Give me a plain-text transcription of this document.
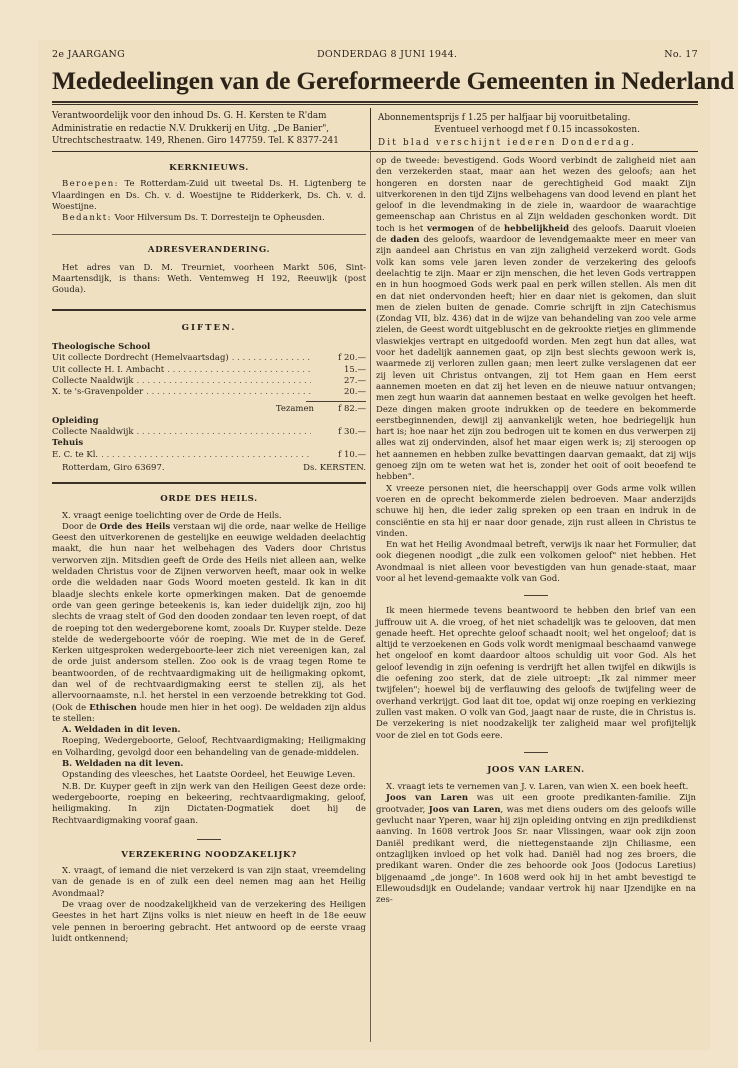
2e JAARGANG	DONDERDAG 8 JUNI 1944.	No. 17
Mededeelingen van de Gereformeerde Gemeenten in Nederland
Verantwoordelijk voor den inhoud Ds. G. H. Kersten te R'dam
Administratie en redactie N.V. Drukkerij en Uitg. „De Banier",
Utrechtschestraatw. 149, Rhenen. Giro 147759. Tel. K 8377-241
Abonnementsprijs f 1.25 per halfjaar bij vooruitbetaling.
Eventueel verhoogd met f 0.15 incassokosten.
Dit blad verschijnt iederen Donderdag.
KERKNIEUWS.

Beroepen: Te Rotterdam-Zuid uit tweetal Ds. H. Ligtenberg te Vlaardingen en Ds. Ch. v. d. Woestijne te Ridderkerk, Ds. Ch. v. d. Woestijne.

Bedankt: Voor Hilversum Ds. T. Dorresteijn te Opheusden.

ADRESVERANDERING.

Het adres van D. M. Treurniet, voorheen Markt 506, Sint-Maartensdijk, is thans: Weth. Ventemweg H 192, Reeuwijk (post Gouda).

GIFTEN.
Theologische School
Uit collecte Dordrecht (Hemelvaartsdag) . . .	f 20.—
Uit collecte H. I. Ambacht . . .	15.—
Collecte Naaldwijk . . .	27.—
X. te 's-Gravenpolder . . .	20.—
Tezamen	f 82.—
Opleiding
Collecte Naaldwijk . . .	f 30.—
Tehuis
E. C. te Kl. . . .	f 10.—
Rotterdam, Giro 63697.	Ds. KERSTEN.
ORDE DES HEILS.

X. vraagt eenige toelichting over de Orde de Heils.

Door de Orde des Heils verstaan wij die orde, naar welke de Heilige Geest den uitverkorenen de gestelijke en eeuwige weldaden deelachtig maakt, die hun naar het welbehagen des Vaders door Christus verworven zijn. Mitsdien geeft de Orde des Heils niet alleen aan, welke weldaden Christus voor de Zijnen verworven heeft, maar ook in welke orde die weldaden naar Gods Woord moeten gesteld. Ik kan in dit blaadje slechts enkele korte opmerkingen maken. Dat de genoemde orde van geen geringe beteekenis is, kan ieder duidelijk zijn, zoo hij slechts de vraag stelt of God den dooden zondaar ten leven roept, of dat de roeping tot den wedergeborene komt, zooals Dr. Kuyper stelde. Deze stelde de wedergeboorte vóór de roeping. Wie met de in de Geref. Kerken uitgesproken wedergeboorte-leer zich niet vereenigen kan, zal de orde juist andersom stellen. Zoo ook is de vraag tegen Rome te beantwoorden, of de rechtvaardigmaking uit de heiligmaking opkomt, dan wel of de rechtvaardigmaking eerst te stellen zij, als het allervoornaamste, n.l. het herstel in een verzoende betrekking tot God. (Ook de Ethischen houde men hier in het oog). De weldaden zijn aldus te stellen:

A. Weldaden in dit leven.

Roeping, Wedergeboorte, Geloof, Rechtvaardigmaking; Heiligmaking en Volharding, gevolgd door een behandeling van de genade-middelen.

B. Weldaden na dit leven.

Opstanding des vleesches, het Laatste Oordeel, het Eeuwige Leven.

N.B. Dr. Kuyper geeft in zijn werk van den Heiligen Geest deze orde: wedergeboorte, roeping en bekeering, rechtvaardigmaking, geloof, heiligmaking. In zijn Dictaten-Dogmatiek doet hij de Rechtvaardigmaking vooraf gaan.

VERZEKERING NOODZAKELIJK?

X. vraagt, of iemand die niet verzekerd is van zijn staat, vreemdeling van de genade is en of zulk een deel nemen mag aan het Heilig Avondmaal?

De vraag over de noodzakelijkheid van de verzekering des Heiligen Geestes in het hart Zijns volks is niet nieuw en heeft in de 18e eeuw vele pennen in beroering gebracht. Het antwoord op de eerste vraag luidt ontkennend;

op de tweede: bevestigend. Gods Woord verbindt de zaligheid niet aan den verzekerden staat, maar aan het wezen des geloofs; aan het hongeren en dorsten naar de gerechtigheid God maakt Zijn uitverkorenen in den tijd Zijns welbehagens van dood levend en plant het geloof in die levendmaking in de ziele in, waardoor de waarachtige gemeenschap aan Christus en al Zijn weldaden geschonken wordt. Dit toch is het vermogen of de hebbelijkheid des geloofs. Daaruit vloeien de daden des geloofs, waardoor de levendgemaakte meer en meer van zijn aandeel aan Christus en van zijn zaligheid verzekerd wordt. Gods volk kan soms vele jaren leven zonder de verzekering des geloofs deelachtig te zijn. Maar er zijn menschen, die het leven Gods vertrappen en in hun hoogmoed Gods werk paal en perk willen stellen. Als men dit en dat niet ondervonden heeft; hier en daar niet is gekomen, dan sluit men de zielen buiten de genade. Comrie schrijft in zijn Catechismus (Zondag VII, blz. 436) dat in de wijze van behandeling van zoo vele arme zielen, de Geest wordt uitgebluscht en de gekrookte rietjes en glimmende vlaswiekjes vertrapt en uitgedoofd worden. Men zegt hun dat alles, wat voor het dadelijk aannemen gaat, op zijn best slechts gewoon werk is, waarmede zij verloren zullen gaan; men leert zulke verslagenen dat eer zij leven uit Christus ontvangen, zij tot Hem gaan en Hem eerst aannemen moeten en dat zij het leven en de nieuwe natuur ontvangen; men zegt hun waarin dat aannemen bestaat en welke gevolgen het heeft. Deze dingen maken groote indrukken op de teedere en bekommerde eerstbeginnenden, dewijl zij aanvankelijk weten, hoe bedriegelijk hun hart is; hoe naar het zijn zou bedrogen uit te komen en dus verwerpen zij alles wat zij ondervinden, alsof het maar eigen werk is; zij steroogen op het aannemen en hebben zulke bevattingen daarvan gemaakt, dat zij wijs genoeg zijn om te weten wat het is, zonder het ooit of ooit beoefend te hebben".

X vreeze personen niet, die heerschappij over Gods arme volk willen voeren en de oprecht bekommerde zielen bedroeven. Maar anderzijds schuwe hij hen, die ieder zalig spreken op een traan en indruk in de consciëntie en sta hij er naar door genade, zijn rust alleen in Christus te vinden.

En wat het Heilig Avondmaal betreft, verwijs ik naar het Formulier, dat ook diegenen noodigt „die zulk een volkomen geloof" niet hebben. Het Avondmaal is niet alleen voor bevestigden van hun genade-staat, maar voor al het levend-gemaakte volk van God.

Ik meen hiermede tevens beantwoord te hebben den brief van een juffrouw uit A. die vroeg, of het niet schadelijk was te gelooven, dat men genade heeft. Het oprechte geloof schaadt nooit; wel het ongeloof; dat is altijd te verzoekenen en Gods volk wordt menigmaal beschaamd vanwege het ongeloof en komt daardoor altoos schuldig uit voor God. Als het geloof levendig in zijn oefening is verdrijft het allen twijfel en dikwijls is die oefening zoo sterk, dat de ziele uitroept: „Ik zal nimmer meer twijfelen"; hoewel bij de verflauwing des geloofs de twijfeling weer de overhand verkrijgt. God laat dit toe, opdat wij onze roeping en verkiezing zullen vast maken. O volk van God, jaagt naar de ruste, die in Christus is. De verzekering is niet noodzakelijk ter zaligheid maar wel profijtelijk voor de ziel en tot Gods eere.

JOOS VAN LAREN.

X. vraagt iets te vernemen van J. v. Laren, van wien X. een boek heeft.

Joos van Laren was uit een groote predikanten-familie. Zijn grootvader, Joos van Laren, was met diens ouders om des geloofs wille gevlucht naar Yperen, waar hij zijn opleiding ontving en zijn predikdienst aanving. In 1608 vertrok Joos Sr. naar Vlissingen, waar ook zijn zoon Daniël predikant werd, die niettegenstaande zijn Chiliasme, een ontzaglijken invloed op het volk had. Daniël had nog zes broers, die predikant waren. Onder die zes behoorde ook Joos (Jodocus Laretius) bijgenaamd „de jonge". In 1608 werd ook hij in het ambt bevestigd te Ellewoudsdijk en Oudelande; vandaar vertrok hij naar IJzendijke en na zes-
